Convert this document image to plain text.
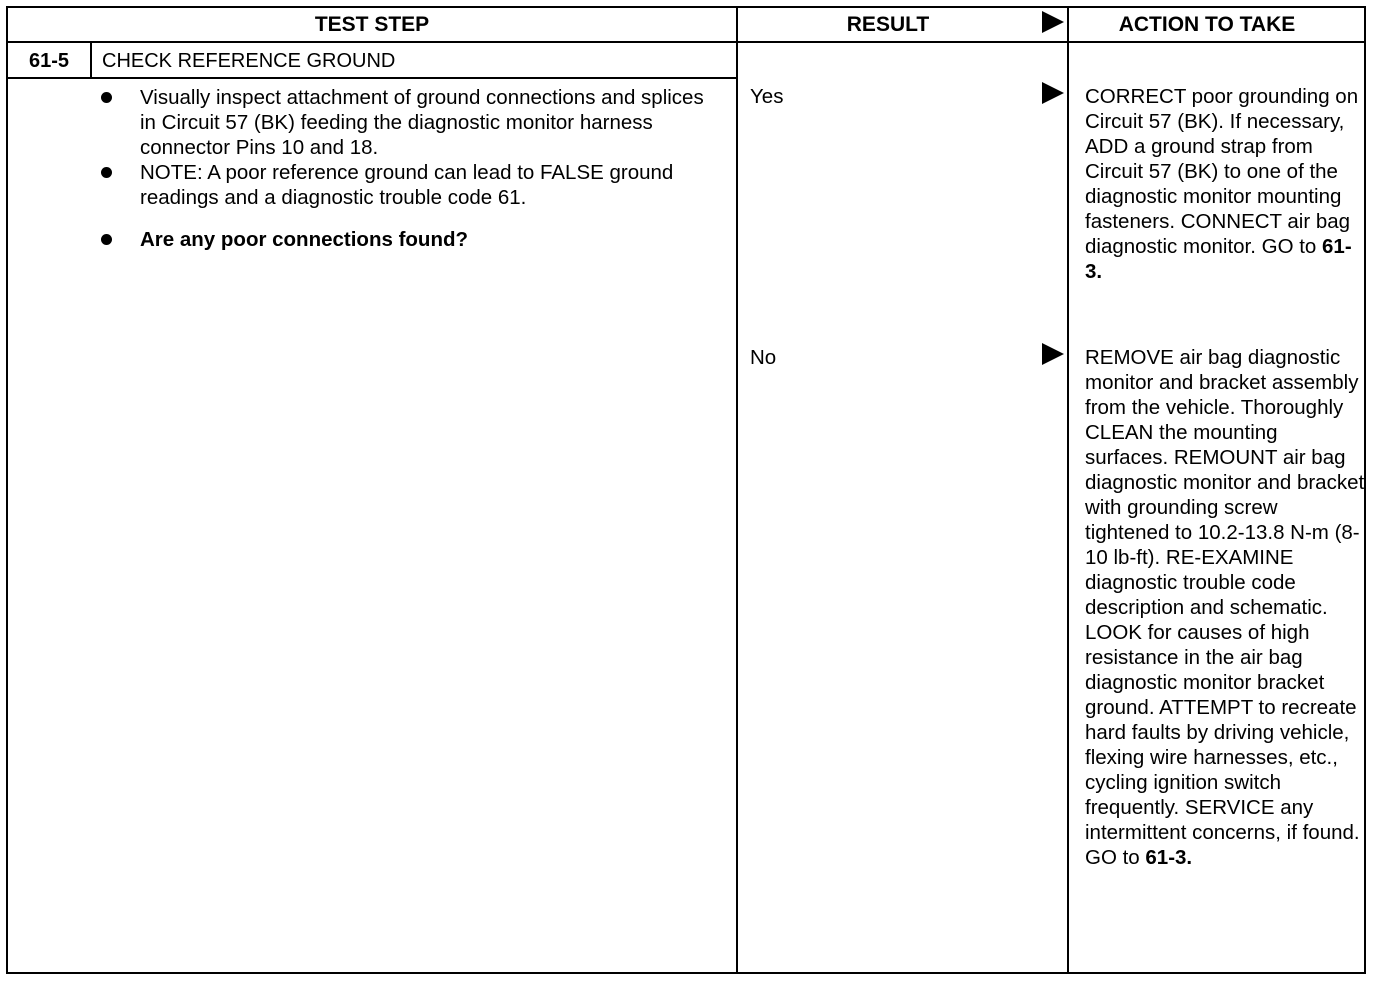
TEST STEP	RESULT	ACTION TO TAKE
61-5	CHECK REFERENCE GROUND
Visually inspect attachment of ground connections and splices in Circuit 57 (BK) feeding the diagnostic monitor harness connector Pins 10 and 18.
NOTE: A poor reference ground can lead to FALSE ground readings and a diagnostic trouble code 61.
Are any poor connections found?
Yes	CORRECT poor grounding on Circuit 57 (BK). If necessary, ADD a ground strap from Circuit 57 (BK) to one of the diagnostic monitor mounting fasteners. CONNECT air bag diagnostic monitor. GO to 61-3.
No	REMOVE air bag diagnostic monitor and bracket assembly from the vehicle. Thoroughly CLEAN the mounting surfaces. REMOUNT air bag diagnostic monitor and bracket with grounding screw tightened to 10.2-13.8 N-m (8-10 lb-ft). RE-EXAMINE diagnostic trouble code description and schematic. LOOK for causes of high resistance in the air bag diagnostic monitor bracket ground. ATTEMPT to recreate hard faults by driving vehicle, flexing wire harnesses, etc., cycling ignition switch frequently. SERVICE any intermittent concerns, if found. GO to 61-3.
